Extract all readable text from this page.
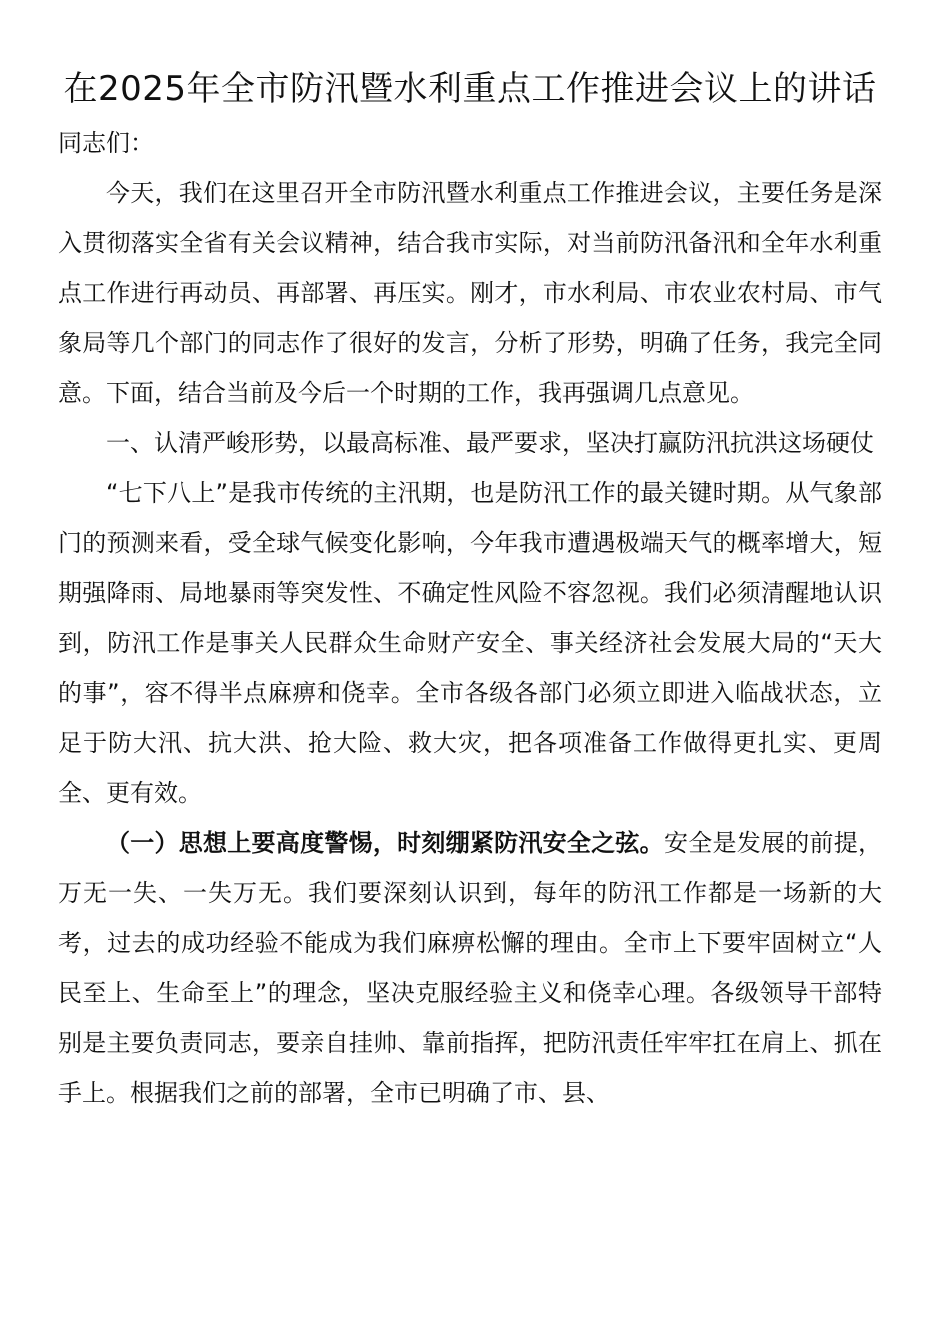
在2025年全市防汛暨水利重点工作推进会议上的讲话

同志们：

今天，我们在这里召开全市防汛暨水利重点工作推进会议，主要任务是深入贯彻落实全省有关会议精神，结合我市实际，对当前防汛备汛和全年水利重点工作进行再动员、再部署、再压实。刚才，市水利局、市农业农村局、市气象局等几个部门的同志作了很好的发言，分析了形势，明确了任务，我完全同意。下面，结合当前及今后一个时期的工作，我再强调几点意见。

一、认清严峻形势，以最高标准、最严要求，坚决打赢防汛抗洪这场硬仗

“七下八上”是我市传统的主汛期，也是防汛工作的最关键时期。从气象部门的预测来看，受全球气候变化影响，今年我市遭遇极端天气的概率增大，短期强降雨、局地暴雨等突发性、不确定性风险不容忽视。我们必须清醒地认识到，防汛工作是事关人民群众生命财产安全、事关经济社会发展大局的“天大的事”，容不得半点麻痹和侥幸。全市各级各部门必须立即进入临战状态，立足于防大汛、抗大洪、抢大险、救大灾，把各项准备工作做得更扎实、更周全、更有效。

（一）思想上要高度警惕，时刻绷紧防汛安全之弦。安全是发展的前提，万无一失、一失万无。我们要深刻认识到，每年的防汛工作都是一场新的大考，过去的成功经验不能成为我们麻痹松懈的理由。全市上下要牢固树立“人民至上、生命至上”的理念，坚决克服经验主义和侥幸心理。各级领导干部特别是主要负责同志，要亲自挂帅、靠前指挥，把防汛责任牢牢扛在肩上、抓在手上。根据我们之前的部署，全市已明确了市、县、
